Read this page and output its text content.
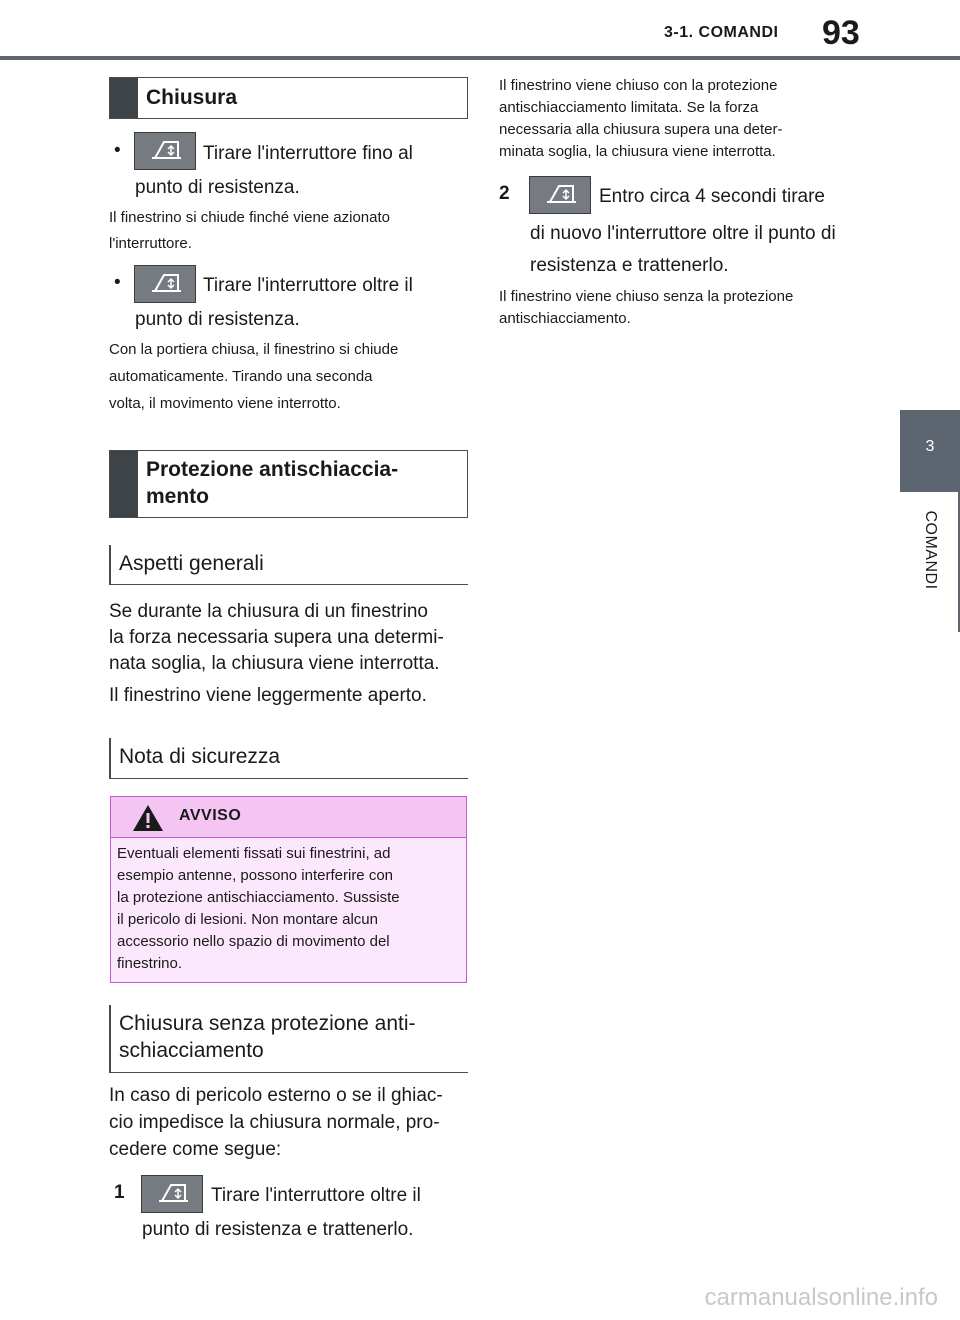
3-1. COMANDI 93
3
COMANDI
Chiusura
•	Tirare l'interruttore fino al
punto di resistenza.
Il finestrino si chiude finché viene azionato
l'interruttore.
•	Tirare l'interruttore oltre il
punto di resistenza.
Con la portiera chiusa, il finestrino si chiude
automaticamente. Tirando una seconda
volta, il movimento viene interrotto.
Protezione antischiaccia-
mento
Aspetti generali
Se durante la chiusura di un finestrino
la forza necessaria supera una determi-
nata soglia, la chiusura viene interrotta.
Il finestrino viene leggermente aperto.
Nota di sicurezza
AVVISO
Eventuali elementi fissati sui finestrini, ad
esempio antenne, possono interferire con
la protezione antischiacciamento. Sussiste
il pericolo di lesioni. Non montare alcun
accessorio nello spazio di movimento del
finestrino.
Chiusura senza protezione anti-
schiacciamento
In caso di pericolo esterno o se il ghiac-
cio impedisce la chiusura normale, pro-
cedere come segue:
1	Tirare l'interruttore oltre il
punto di resistenza e trattenerlo.
Il finestrino viene chiuso con la protezione
antischiacciamento limitata. Se la forza
necessaria alla chiusura supera una deter-
minata soglia, la chiusura viene interrotta.
2	Entro circa 4 secondi tirare
di nuovo l'interruttore oltre il punto di
resistenza e trattenerlo.
Il finestrino viene chiuso senza la protezione
antischiacciamento.
carmanualsonline.info
